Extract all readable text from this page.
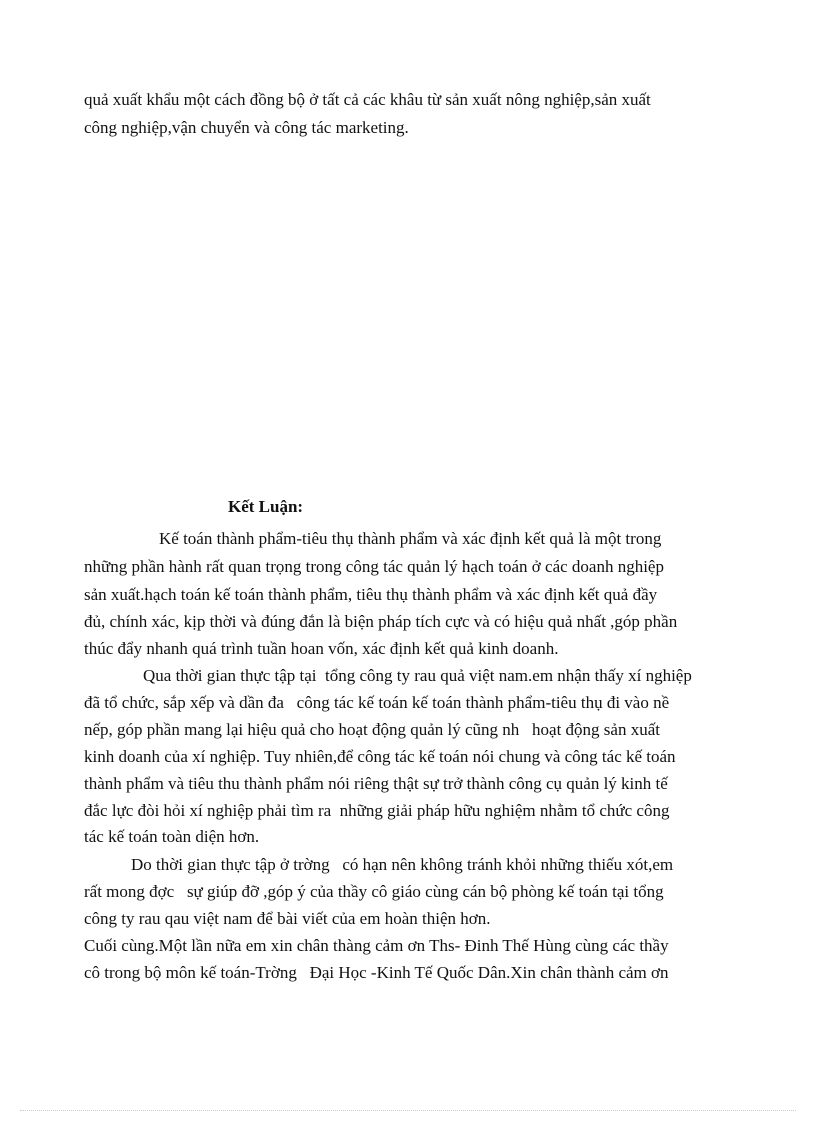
quả xuất khẩu một cách đồng bộ ở tất cả các khâu từ sản xuất nông nghiệp,sản xuất
công nghiệp,vận chuyển và công tác marketing.
Kết Luận:
Kế toán thành phẩm-tiêu thụ thành phẩm và xác định kết quả là một trong
những phần hành rất quan trọng trong công tác quản lý hạch toán ở các doanh nghiệp
sản xuất.hạch toán kế toán thành phẩm, tiêu thụ thành phẩm và xác định kết quả đầy
đủ, chính xác, kịp thời và đúng đắn là biện pháp tích cực và có hiệu quả nhất ,góp phần
thúc đẩy nhanh quá trình tuần hoan vốn, xác định kết quả kinh doanh.
Qua thời gian thực tập tại  tổng công ty rau quả việt nam.em nhận thấy xí nghiệp
đã tổ chức, sắp xếp và dần đa   công tác kế toán kế toán thành phẩm-tiêu thụ đi vào nề
nếp, góp phần mang lại hiệu quả cho hoạt động quản lý cũng nh   hoạt động sản xuất
kinh doanh của xí nghiệp. Tuy nhiên,để công tác kế toán nói chung và công tác kế toán
thành phẩm và tiêu thu thành phẩm nói riêng thật sự trở thành công cụ quản lý kinh tế
đắc lực đòi hỏi xí nghiệp phải tìm ra  những giải pháp hữu nghiệm nhằm tổ chức công
tác kế toán toàn diện hơn.
Do thời gian thực tập ở trờng   có hạn nên không tránh khỏi những thiếu xót,em
rất mong đợc   sự giúp đỡ ,góp ý của thầy cô giáo cùng cán bộ phòng kế toán tại tổng
công ty rau qau việt nam để bài viết của em hoàn thiện hơn.
Cuối cùng.Một lần nữa em xin chân thàng cảm ơn Ths- Đinh Thế Hùng cùng các thầy
cô trong bộ môn kế toán-Trờng   Đại Học -Kinh Tế Quốc Dân.Xin chân thành cảm ơn
